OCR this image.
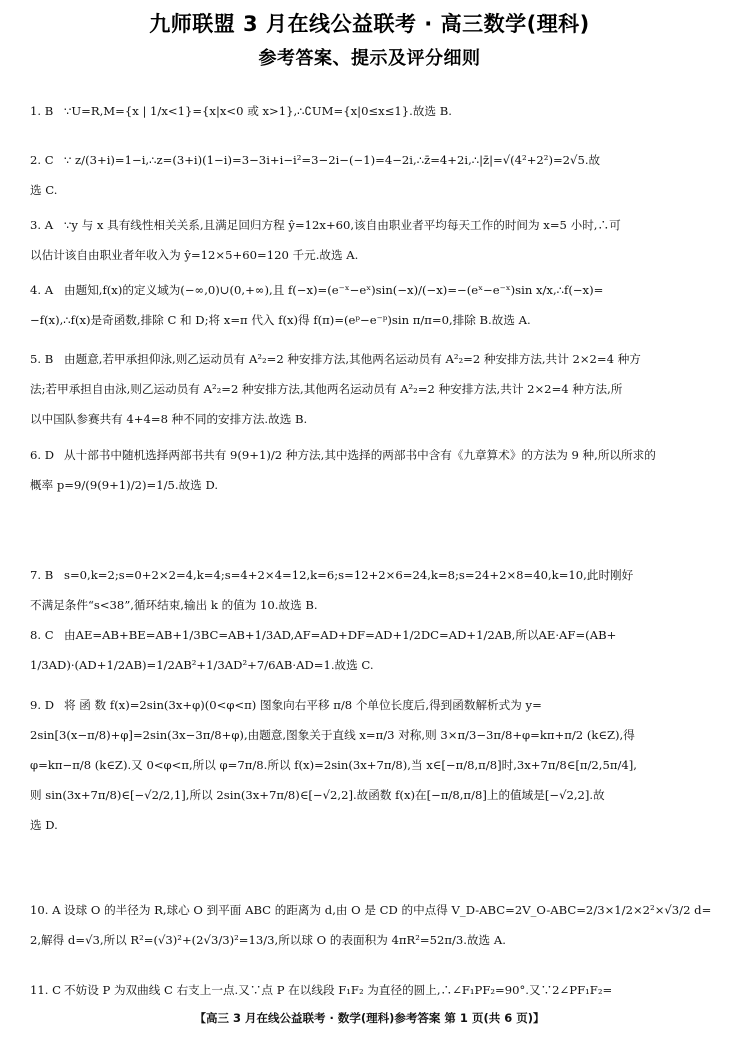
九师联盟 3 月在线公益联考 · 高三数学(理科)
参考答案、提示及评分细则
1. B ∵U=R,M={x | 1/x<1}={x|x<0 或 x>1},∴∁UM={x|0≤x≤1}.故选 B.
2. C ∵ z/(3+i)=1−i,∴z=(3+i)(1−i)=3−3i+i−i²=3−2i−(−1)=4−2i,∴z̄=4+2i,∴|z̄|=√(4²+2²)=2√5.故
选 C.
3. A ∵y 与 x 具有线性相关关系,且满足回归方程 ŷ=12x+60,该自由职业者平均每天工作的时间为 x=5 小时,∴可
以估计该自由职业者年收入为 ŷ=12×5+60=120 千元.故选 A.
4. A 由题知,f(x)的定义域为(−∞,0)∪(0,+∞),且 f(−x)=(e⁻ˣ−eˣ)sin(−x)/(−x)=−(eˣ−e⁻ˣ)sin x/x,∴f(−x)=
−f(x),∴f(x)是奇函数,排除 C 和 D;将 x=π 代入 f(x)得 f(π)=(eᵖ−e⁻ᵖ)sin π/π=0,排除 B.故选 A.
5. B 由题意,若甲承担仰泳,则乙运动员有 A²₂=2 种安排方法,其他两名运动员有 A²₂=2 种安排方法,共计 2×2=4 种方
法;若甲承担自由泳,则乙运动员有 A²₂=2 种安排方法,其他两名运动员有 A²₂=2 种安排方法,共计 2×2=4 种方法,所
以中国队参赛共有 4+4=8 种不同的安排方法.故选 B.
6. D 从十部书中随机选择两部书共有 9(9+1)/2 种方法,其中选择的两部书中含有《九章算术》的方法为 9 种,所以所求的
概率 p=9/(9(9+1)/2)=1/5.故选 D.
7. B s=0,k=2;s=0+2×2=4,k=4;s=4+2×4=12,k=6;s=12+2×6=24,k=8;s=24+2×8=40,k=10,此时刚好
不满足条件“s<38”,循环结束,输出 k 的值为 10.故选 B.
8. C 由AE=AB+BE=AB+1/3BC=AB+1/3AD,AF=AD+DF=AD+1/2DC=AD+1/2AB,所以AE·AF=(AB+
1/3AD)·(AD+1/2AB)=1/2AB²+1/3AD²+7/6AB·AD=1.故选 C.
9. D 将 函 数 f(x)=2sin(3x+φ)(0<φ<π) 图象向右平移 π/8 个单位长度后,得到函数解析式为 y=
2sin[3(x−π/8)+φ]=2sin(3x−3π/8+φ),由题意,图象关于直线 x=π/3 对称,则 3×π/3−3π/8+φ=kπ+π/2 (k∈Z),得
φ=kπ−π/8 (k∈Z).又 0<φ<π,所以 φ=7π/8.所以 f(x)=2sin(3x+7π/8),当 x∈[−π/8,π/8]时,3x+7π/8∈[π/2,5π/4],
则 sin(3x+7π/8)∈[−√2/2,1],所以 2sin(3x+7π/8)∈[−√2,2].故函数 f(x)在[−π/8,π/8]上的值域是[−√2,2].故
选 D.
10. A 设球 O 的半径为 R,球心 O 到平面 ABC 的距离为 d,由 O 是 CD 的中点得 V_D-ABC=2V_O-ABC=2/3×1/2×2²×√3/2 d=
2,解得 d=√3,所以 R²=(√3)²+(2√3/3)²=13/3,所以球 O 的表面积为 4πR²=52π/3.故选 A.
11. C 不妨设 P 为双曲线 C 右支上一点.又∵点 P 在以线段 F₁F₂ 为直径的圆上,∴∠F₁PF₂=90°.又∵2∠PF₁F₂=
【高三 3 月在线公益联考 · 数学(理科)参考答案 第 1 页(共 6 页)】
